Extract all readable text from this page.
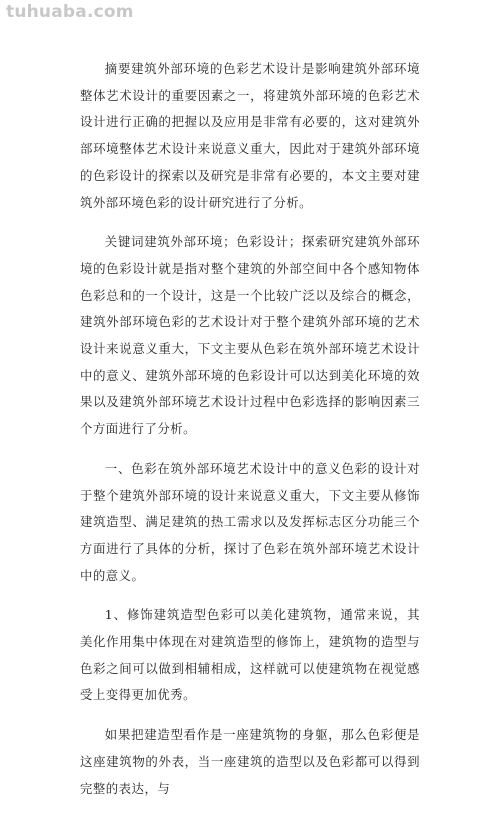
tuhuaba.com

摘要建筑外部环境的色彩艺术设计是影响建筑外部环境整体艺术设计的重要因素之一，将建筑外部环境的色彩艺术设计进行正确的把握以及应用是非常有必要的，这对建筑外部环境整体艺术设计来说意义重大，因此对于建筑外部环境的色彩设计的探索以及研究是非常有必要的，本文主要对建筑外部环境色彩的设计研究进行了分析。

关键词建筑外部环境；色彩设计；探索研究建筑外部环境的色彩设计就是指对整个建筑的外部空间中各个感知物体色彩总和的一个设计，这是一个比较广泛以及综合的概念，建筑外部环境色彩的艺术设计对于整个建筑外部环境的艺术设计来说意义重大，下文主要从色彩在筑外部环境艺术设计中的意义、建筑外部环境的色彩设计可以达到美化环境的效果以及建筑外部环境艺术设计过程中色彩选择的影响因素三个方面进行了分析。

一、色彩在筑外部环境艺术设计中的意义色彩的设计对于整个建筑外部环境的设计来说意义重大，下文主要从修饰建筑造型、满足建筑的热工需求以及发挥标志区分功能三个方面进行了具体的分析，探讨了色彩在筑外部环境艺术设计中的意义。

1、修饰建筑造型色彩可以美化建筑物，通常来说，其美化作用集中体现在对建筑造型的修饰上，建筑物的造型与色彩之间可以做到相辅相成，这样就可以使建筑物在视觉感受上变得更加优秀。

如果把建造型看作是一座建筑物的身躯，那么色彩便是这座建筑物的外表，当一座建筑的造型以及色彩都可以得到完整的表达，与
